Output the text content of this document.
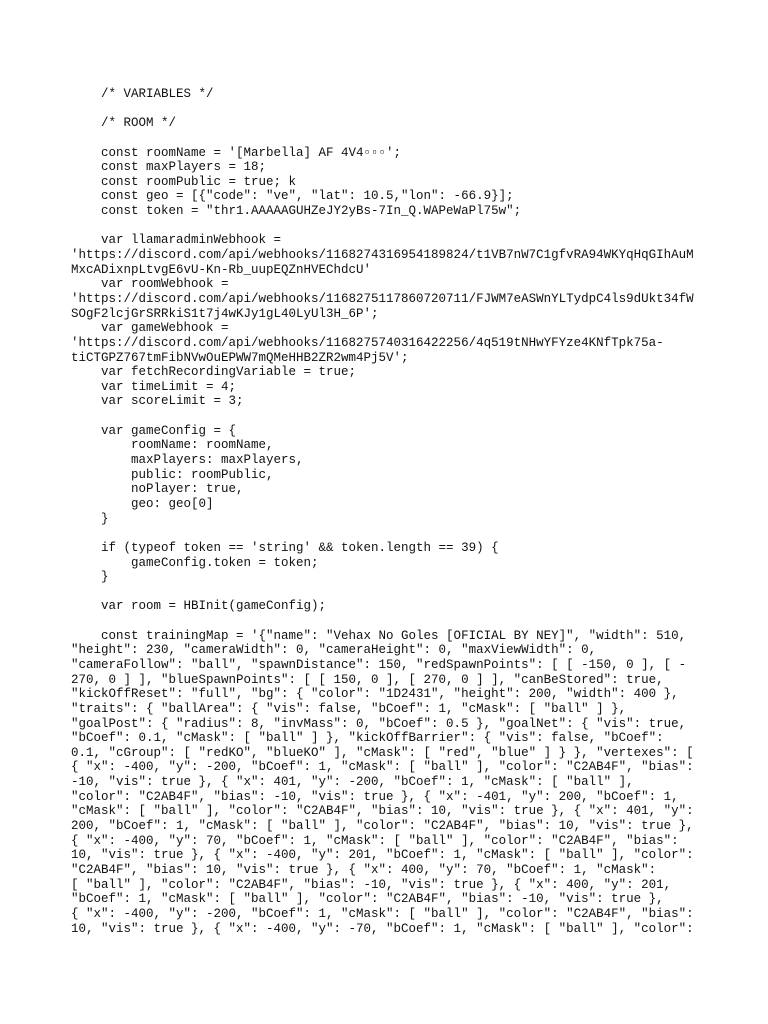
/* VARIABLES */
/* ROOM */
const roomName = '[Marbella] AF 4V4▫▫▫';
const maxPlayers = 18;
const roomPublic = true; k
const geo = [{"code": "ve", "lat": 10.5,"lon": -66.9}];
const token = "thr1.AAAAAGUHZeJY2yBs-7In_Q.WAPeWaPl75w";
var llamaradminWebhook =
'https://discord.com/api/webhooks/1168274316954189824/t1VB7nW7C1gfvRA94WKYqHqGIhAuM
MxcADixnpLtvgE6vU-Kn-Rb_uupEQZnHVEChdcU'
var roomWebhook =
'https://discord.com/api/webhooks/1168275117860720711/FJWM7eASWnYLTydpC4ls9dUkt34fW
SOgF2lcjGrSRRkiS1t7j4wKJy1gL40LyUl3H_6P';
var gameWebhook =
'https://discord.com/api/webhooks/1168275740316422256/4q519tNHwYFYze4KNfTpk75a-
tiCTGPZ767tmFibNVwOuEPWW7mQMeHHB2ZR2wm4Pj5V';
var fetchRecordingVariable = true;
var timeLimit = 4;
var scoreLimit = 3;
var gameConfig = {
roomName: roomName,
maxPlayers: maxPlayers,
public: roomPublic,
noPlayer: true,
geo: geo[0]
}
if (typeof token == 'string' && token.length == 39) {
gameConfig.token = token;
}
var room = HBInit(gameConfig);
const trainingMap = '{"name": "Vehax No Goles [OFICIAL BY NEY]", "width": 510,
"height": 230, "cameraWidth": 0, "cameraHeight": 0, "maxViewWidth": 0,
"cameraFollow": "ball", "spawnDistance": 150, "redSpawnPoints": [ [ -150, 0 ], [ -
270, 0 ] ], "blueSpawnPoints": [ [ 150, 0 ], [ 270, 0 ] ], "canBeStored": true,
"kickOffReset": "full", "bg": { "color": "1D2431", "height": 200, "width": 400 },
"traits": { "ballArea": { "vis": false, "bCoef": 1, "cMask": [ "ball" ] },
"goalPost": { "radius": 8, "invMass": 0, "bCoef": 0.5 }, "goalNet": { "vis": true,
"bCoef": 0.1, "cMask": [ "ball" ] }, "kickOffBarrier": { "vis": false, "bCoef":
0.1, "cGroup": [ "redKO", "blueKO" ], "cMask": [ "red", "blue" ] } }, "vertexes": [
{ "x": -400, "y": -200, "bCoef": 1, "cMask": [ "ball" ], "color": "C2AB4F", "bias":
-10, "vis": true }, { "x": 401, "y": -200, "bCoef": 1, "cMask": [ "ball" ],
"color": "C2AB4F", "bias": -10, "vis": true }, { "x": -401, "y": 200, "bCoef": 1,
"cMask": [ "ball" ], "color": "C2AB4F", "bias": 10, "vis": true }, { "x": 401, "y":
200, "bCoef": 1, "cMask": [ "ball" ], "color": "C2AB4F", "bias": 10, "vis": true },
{ "x": -400, "y": 70, "bCoef": 1, "cMask": [ "ball" ], "color": "C2AB4F", "bias":
10, "vis": true }, { "x": -400, "y": 201, "bCoef": 1, "cMask": [ "ball" ], "color":
"C2AB4F", "bias": 10, "vis": true }, { "x": 400, "y": 70, "bCoef": 1, "cMask":
[ "ball" ], "color": "C2AB4F", "bias": -10, "vis": true }, { "x": 400, "y": 201,
"bCoef": 1, "cMask": [ "ball" ], "color": "C2AB4F", "bias": -10, "vis": true },
{ "x": -400, "y": -200, "bCoef": 1, "cMask": [ "ball" ], "color": "C2AB4F", "bias":
10, "vis": true }, { "x": -400, "y": -70, "bCoef": 1, "cMask": [ "ball" ], "color":
